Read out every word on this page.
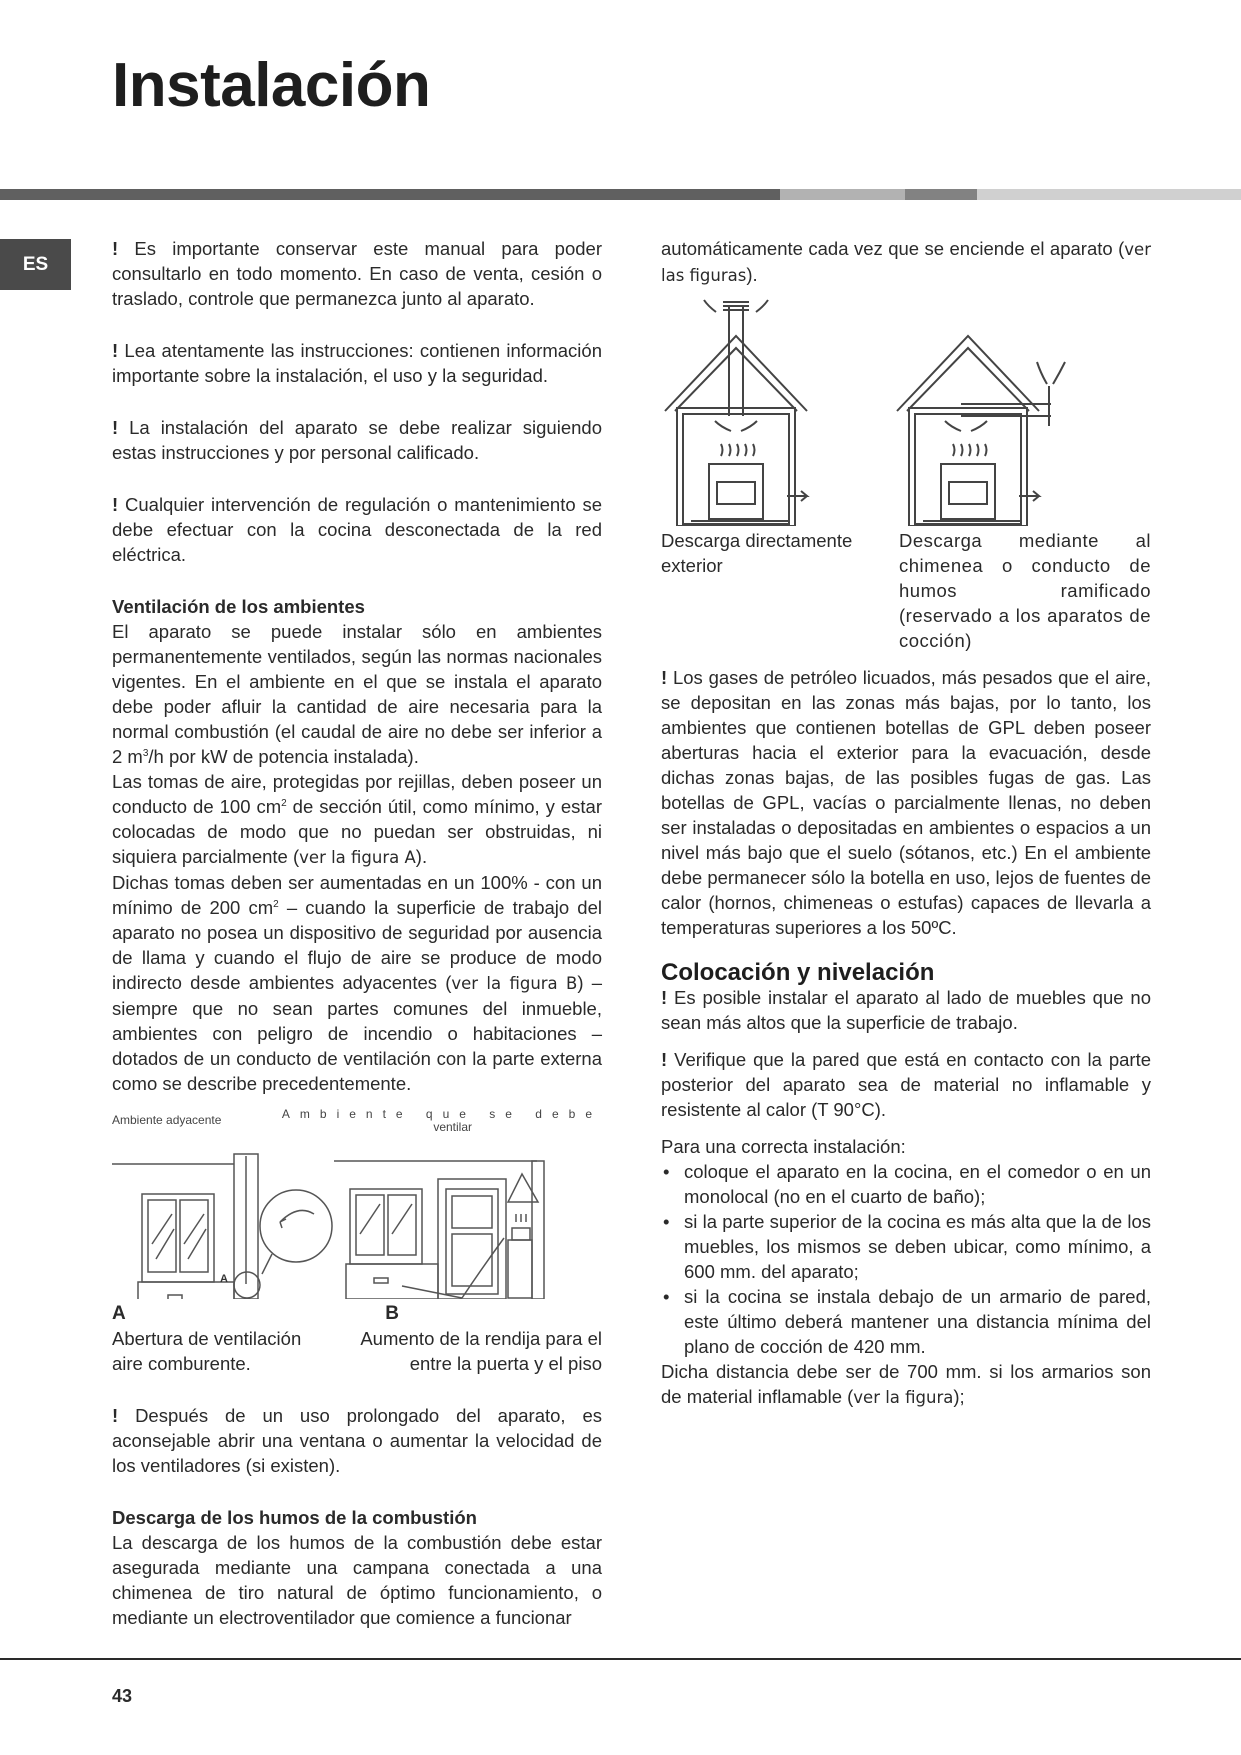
Instalación
ES

! Es importante conservar este manual para poder consultarlo en todo momento. En caso de venta, cesión o traslado, controle que permanezca junto al aparato.

! Lea atentamente las instrucciones: contienen información importante sobre la instalación, el uso y la seguridad.

! La instalación del aparato se debe realizar siguiendo estas instrucciones y por personal calificado.

! Cualquier intervención de regulación o mantenimiento se debe efectuar con la cocina desconectada de la red eléctrica.

Ventilación de los ambientes

El aparato se puede instalar sólo en ambientes permanentemente ventilados, según las normas nacionales vigentes. En el ambiente en el que se instala el aparato debe poder afluir la cantidad de aire necesaria para la normal combustión (el caudal de aire no debe ser inferior a 2 $m^3/h$ por kW de potencia instalada).

Las tomas de aire, protegidas por rejillas, deben poseer un conducto de 100 $cm^2$ de sección útil, como mínimo, y estar colocadas de modo que no puedan ser obstruidas, ni siquiera parcialmente (ver la figura A).

Dichas tomas deben ser aumentadas en un 100% - con un mínimo de 200 $cm^2$ – cuando la superficie de trabajo del aparato no posea un dispositivo de seguridad por ausencia de llama y cuando el flujo de aire se produce de modo indirecto desde ambientes adyacentes (ver la figura B) – siempre que no sean partes comunes del inmueble, ambientes con peligro de incendio o habitaciones – dotados de un conducto de ventilación con la parte externa como se describe precedentemente.

Ambiente adyacente	Ambiente que se debe
ventilar
A
A	B
Abertura de ventilación
aire comburente.
Aumento de la rendija para el
entre la puerta y el piso

! Después de un uso prolongado del aparato, es aconsejable abrir una ventana o aumentar la velocidad de los ventiladores (si existen).

Descarga de los humos de la combustión

La descarga de los humos de la combustión debe estar asegurada mediante una campana conectada a una chimenea de tiro natural de óptimo funcionamiento, o mediante un electroventilador que comience a funcionar

automáticamente cada vez que se enciende el aparato (ver las figuras).

Descarga directamente exterior
Descarga mediante al chimenea o conducto de humos ramificado (reservado a los aparatos de cocción)

! Los gases de petróleo licuados, más pesados que el aire, se depositan en las zonas más bajas, por lo tanto, los ambientes que contienen botellas de GPL deben poseer aberturas hacia el exterior para la evacuación, desde dichas zonas bajas, de las posibles fugas de gas. Las botellas de GPL, vacías o parcialmente llenas, no deben ser instaladas o depositadas en ambientes o espacios a un nivel más bajo que el suelo (sótanos, etc.) En el ambiente debe permanecer sólo la botella en uso, lejos de fuentes de calor (hornos, chimeneas o estufas) capaces de llevarla a temperaturas superiores a los 50ºC.

Colocación y nivelación

! Es posible instalar el aparato al lado de muebles que no sean más altos que la superficie de trabajo.

! Verifique que la pared que está en contacto con la parte posterior del aparato sea de material no inflamable y resistente al calor (T 90°C).

Para una correcta instalación:

• coloque el aparato en la cocina, en el comedor o en un monolocal (no en el cuarto de baño);
• si la parte superior de la cocina es más alta que la de los muebles, los mismos se deben ubicar, como mínimo, a 600 mm. del aparato;
• si la cocina se instala debajo de un armario de pared, este último deberá mantener una distancia mínima del plano de cocción de 420 mm.

Dicha distancia debe ser de 700 mm. si los armarios son de material inflamable (ver la figura);

43
